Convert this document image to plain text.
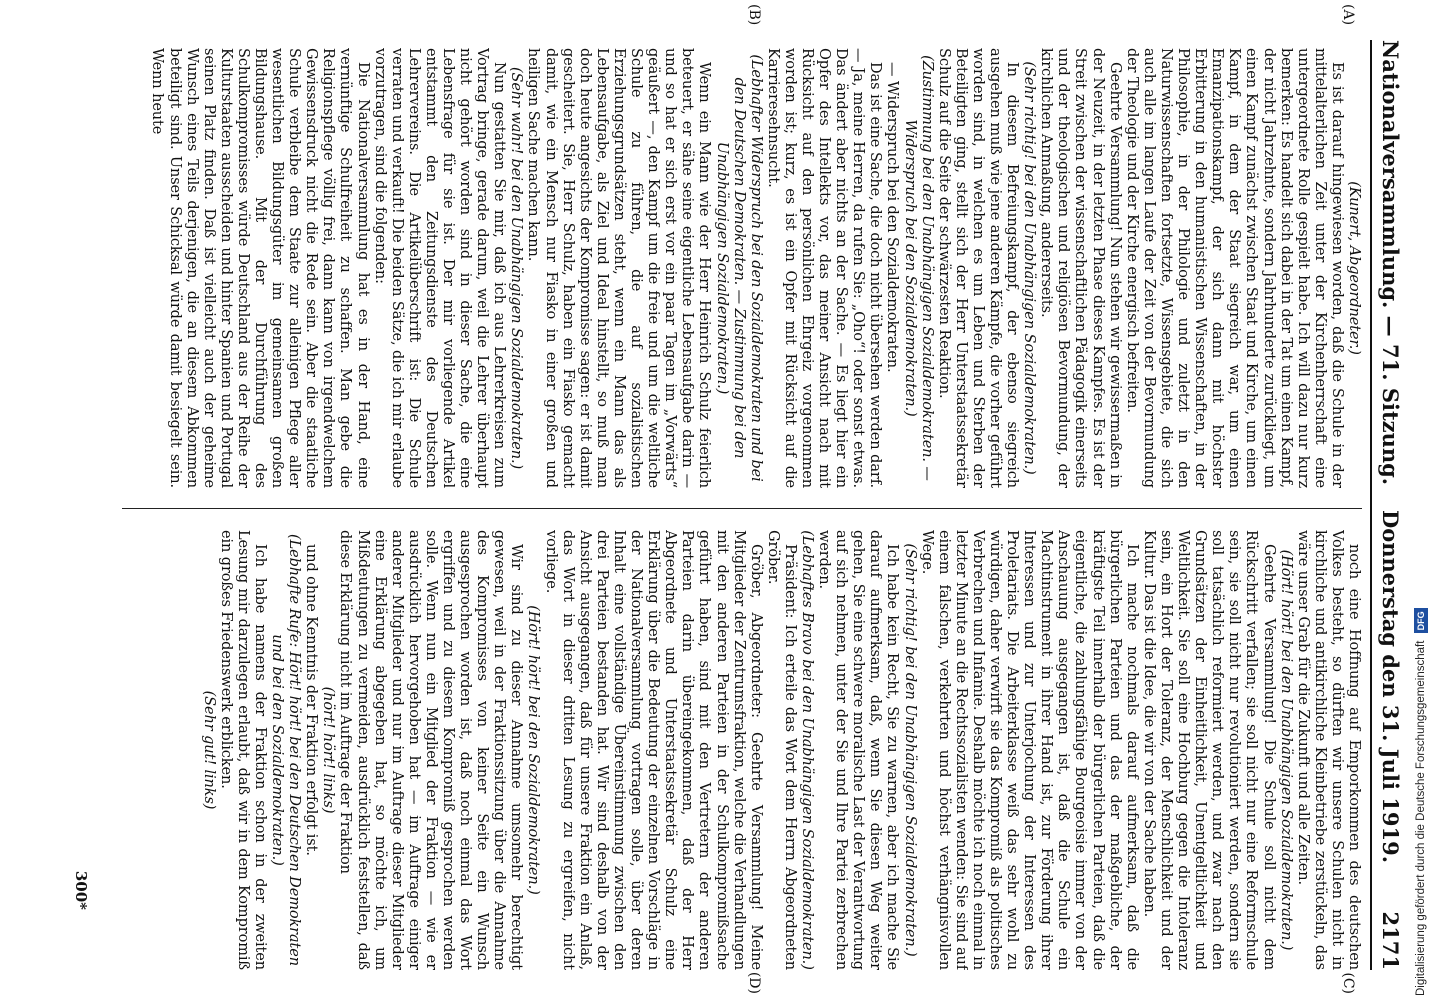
Nationalversammlung. — 71. Sitzung.
Donnerstag den 31. Juli 1919.
2171
(A)
(B)
(C)
(D)

(Kunert, Abgeordneter.)

Es ist darauf hingewiesen worden, daß die Schule in der mittelalterlichen Zeit unter der Kirchenherrschaft eine untergeordnete Rolle gespielt habe. Ich will dazu nur kurz bemerken: Es handelt sich dabei in der Tat um einen Kampf, der nicht Jahrzehnte, sondern Jahrhunderte zurückliegt, um einen Kampf zunächst zwischen Staat und Kirche, um einen Kampf, in dem der Staat siegreich war, um einen Emanzipationskampf, der sich dann mit höchster Erbitterung in den humanistischen Wissenschaften, in der Philosophie, in der Philologie und zuletzt in den Naturwissenschaften fortsetzte, Wissensgebiete, die sich auch alle im langen Laufe der Zeit von der Bevormundung der Theologie und der Kirche energisch befreiten.

Geehrte Versammlung! Nun stehen wir gewissermaßen in der Neuzeit, in der letzten Phase dieses Kampfes. Es ist der Streit zwischen der wissenschaftlichen Pädagogik einerseits und der theologischen und religiösen Bevormundung, der kirchlichen Anmaßung, andererseits.

(Sehr richtig! bei den Unabhängigen Sozialdemokraten.)

In diesem Befreiungskampf, der ebenso siegreich ausgehen muß wie jene anderen Kämpfe, die vorher geführt worden sind, in welchen es um Leben und Sterben der Beteiligten ging, stellt sich der Herr Unterstaatssekretär Schulz auf die Seite der schwärzesten Reaktion.

(Zustimmung bei den Unabhängigen Sozialdemokraten. — Widerspruch bei den Sozialdemokraten.)

— Widerspruch bei den Sozialdemokraten.

Das ist eine Sache, die doch nicht übersehen werden darf. — Ja, meine Herren, da rufen Sie: „Oho“! oder sonst etwas. Das ändert aber nichts an der Sache. — Es liegt hier ein Opfer des Intellekts vor, das meiner Ansicht nach mit Rücksicht auf den persönlichen Ehrgeiz vorgenommen worden ist; kurz, es ist ein Opfer mit Rücksicht auf die Karrieresehnsucht.

(Lebhafter Widerspruch bei den Sozialdemokraten und bei den Deutschen Demokraten. — Zustimmung bei den Unabhängigen Sozialdemokraten.)

Wenn ein Mann wie der Herr Heinrich Schulz feierlich beteuert, er sähe seine eigentliche Lebensaufgabe darin — und so hat er sich erst vor ein paar Tagen im „Vorwärts“ geäußert —, den Kampf um die freie und um die weltliche Schule zu führen, die auf sozialistischen Erziehungsgrundsätzen steht, wenn ein Mann das als Lebensaufgabe, als Ziel und Ideal hinstellt, so muß man doch heute angesichts der Kompromisse sagen: er ist damit gescheitert. Sie, Herr Schulz, haben ein Fiasko gemacht damit, wie ein Mensch nur Fiasko in einer großen und heiligen Sache machen kann.

(Sehr wahr! bei den Unabhängigen Sozialdemokraten.)

Nun gestatten Sie mir, daß ich aus Lehrerkreisen zum Vortrag bringe, gerade darum, weil die Lehrer überhaupt nicht gehört worden sind in dieser Sache, die eine Lebensfrage für sie ist. Der mir vorliegende Artikel entstammt den Zeitungsdienste des Deutschen Lehrervereins. Die Artikelüberschrift ist: Die Schule verraten und verkauft! Die beiden Sätze, die ich mir erlaube vorzutragen, sind die folgenden:

Die Nationalversammlung hat es in der Hand, eine vernünftige Schulfreiheit zu schaffen. Man gebe die Religionspflege völlig frei, dann kann von irgendwelchem Gewissensdruck nicht die Rede sein. Aber die staatliche Schule verbleibe dem Staate zur alleinigen Pflege aller wesentlichen Bildungsgüter im gemeinsamen großen Bildungshause. Mit der Durchführung des Schulkompromisses würde Deutschland aus der Reihe der Kulturstaaten ausscheiden und hinter Spanien und Portugal seinen Platz finden. Daß ist vielleicht auch der geheime Wunsch eines Teils derjenigen, die an diesem Abkommen beteiligt sind. Unser Schicksal würde damit besiegelt sein. Wenn heute

noch eine Hoffnung auf Emporkommen des deutschen Volkes besteht, so dürften wir unsere Schulen nicht in kirchliche und antikirchliche Kleinbetriebe zerstückeln, das wäre unser Grab für die Zukunft und alle Zeiten.

(Hört! hört! bei den Unabhängigen Sozialdemokraten.)

Geehrte Versammlung! Die Schule soll nicht dem Rückschritt verfallen; sie soll nicht nur eine Reformschule sein, sie soll nicht nur revolutioniert werden, sondern sie soll tatsächlich reformiert werden, und zwar nach den Grundsätzen der Einheitlichkeit, Unentgeltlichkeit und Weltlichkeit. Sie soll eine Hochburg gegen die Intoleranz sein, ein Hort der Toleranz, der Menschlichkeit und der Kultur. Das ist die Idee, die wir von der Sache haben.

Ich mache nochmals darauf aufmerksam, daß die bürgerlichen Parteien und das der maßgebliche, der kräftigste Teil innerhalb der bürgerlichen Parteien, daß die eigentliche, die zahlungsfähige Bourgeoisie immer von der Anschauung ausgegangen ist, daß die Schule ein Machtinstrument in ihrer Hand ist, zur Förderung ihrer Interessen und zur Unterjochung der Interessen des Proletariats. Die Arbeiterklasse weiß das sehr wohl zu würdigen, daher verwirft sie das Kompromiß als politisches Verbrechen und Infamie. Deshalb möchte ich noch einmal in letzter Minute an die Rechtssozialisten wenden: Sie sind auf einem falschen, verkehrten und höchst verhängnisvollen Wege.

(Sehr richtig! bei den Unabhängigen Sozialdemokraten.)

Ich habe kein Recht, Sie zu warnen, aber ich mache Sie darauf aufmerksam, daß, wenn Sie diesen Weg weiter gehen, Sie eine schwere moralische Last der Verantwortung auf sich nehmen, unter der Sie und Ihre Partei zerbrechen werden.

(Lebhaftes Bravo bei den Unabhängigen Sozialdemokraten.)

Präsident: Ich erteile das Wort dem Herrn Abgeordneten Gröber.

Gröber, Abgeordneter: Geehrte Versammlung! Meine Mitglieder der Zentrumsfraktion, welche die Verhandlungen mit den anderen Parteien in der Schulkompromißsache geführt haben, sind mit den Vertretern der anderen Parteien darin übereingekommen, daß der Herr Abgeordnete und Unterstaatssekretär Schulz eine Erklärung über die Bedeutung der einzelnen Vorschläge in der Nationalversammlung vortragen solle, über deren Inhalt eine vollständige Übereinstimmung zwischen den drei Parteien bestanden hat. Wir sind deshalb von der Ansicht ausgegangen, daß für unsere Fraktion ein Anlaß, das Wort in dieser dritten Lesung zu ergreifen, nicht vorliege.

(Hört! hört! bei den Sozialdemokraten.)

Wir sind zu dieser Annahme umsomehr berechtigt gewesen, weil in der Fraktionssitzung über die Annahme des Kompromisses von keiner Seite ein Wunsch ausgesprochen worden ist, daß noch einmal das Wort ergriffen und zu diesem Kompromiß gesprochen werden solle. Wenn nun ein Mitglied der Fraktion — wie er ausdrücklich hervorgehoben hat — im Auftrage einiger anderer Mitglieder und nur im Auftrage dieser Mitglieder eine Erklärung abgegeben hat, so möchte ich, um Mißdeutungen zu vermeiden, ausdrücklich feststellen, daß diese Erklärung nicht im Auftrage der Fraktion

(hört! hört! links)

und ohne Kenntnis der Fraktion erfolgt ist.

(Lebhafte Rufe: Hört! hört! bei den Deutschen Demokraten und bei den Sozialdemokraten.)

Ich habe namens der Fraktion schon in der zweiten Lesung mir darzulegen erlaubt, daß wir in dem Kompromiß ein großes Friedenswerk erblicken.

(Sehr gut! links)

300*	Digitalisierung gefördert durch die Deutsche Forschungsgemeinschaft DFG
